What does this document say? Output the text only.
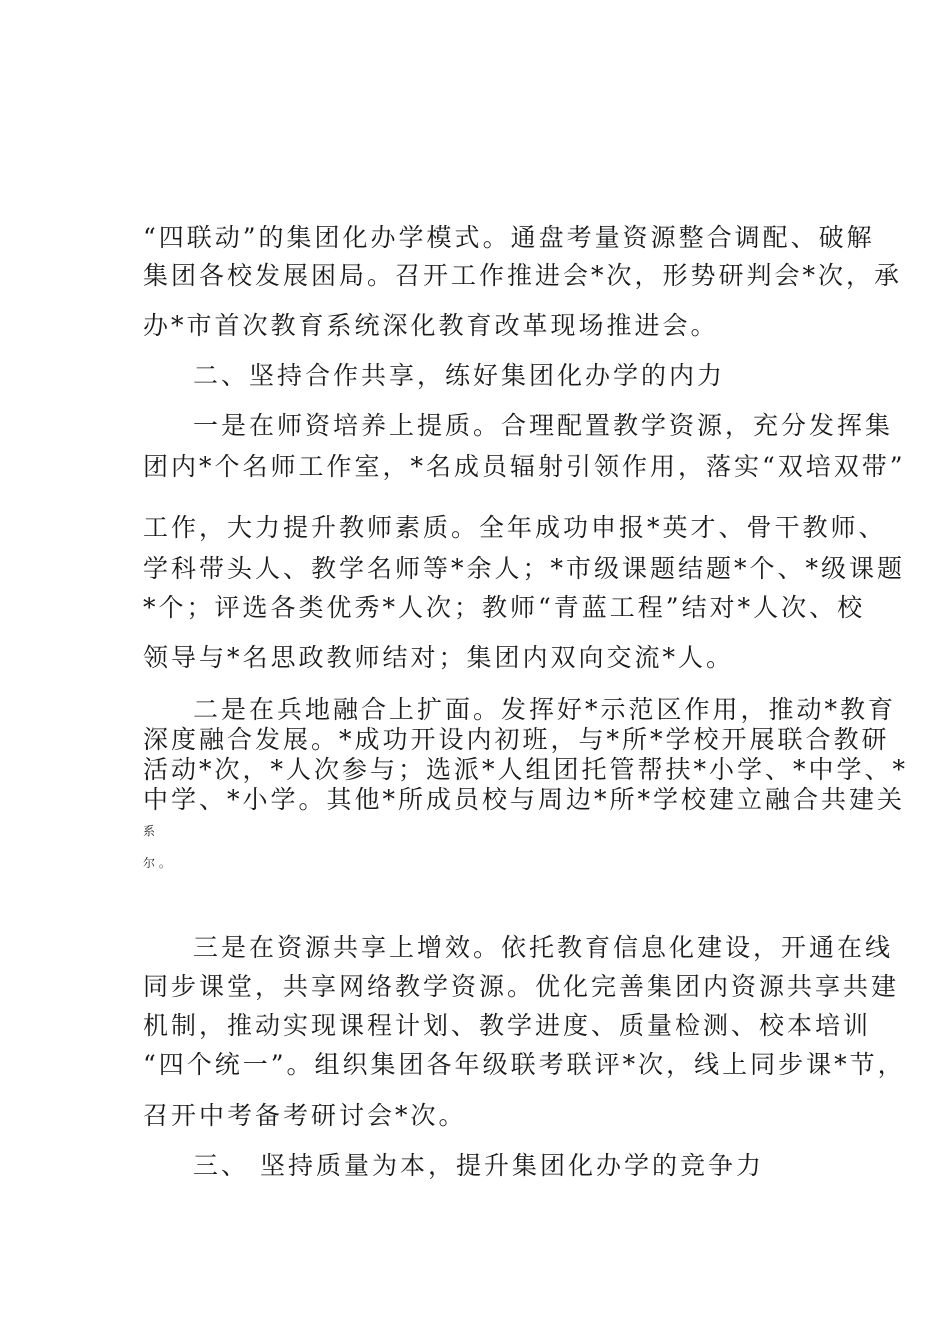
“四联动”的集团化办学模式。通盘考量资源整合调配、破解
集团各校发展困局。召开工作推进会*次，形势研判会*次，承
办*市首次教育系统深化教育改革现场推进会。
二、坚持合作共享，练好集团化办学的内力
一是在师资培养上提质。合理配置教学资源，充分发挥集
团内*个名师工作室，*名成员辐射引领作用，落实“双培双带”
工作，大力提升教师素质。全年成功申报*英才、骨干教师、
学科带头人、教学名师等*余人；*市级课题结题*个、*级课题
*个；评选各类优秀*人次；教师“青蓝工程”结对*人次、校
领导与*名思政教师结对；集团内双向交流*人。
二是在兵地融合上扩面。发挥好*示范区作用，推动*教育
深度融合发展。*成功开设内初班，与*所*学校开展联合教研
活动*次，*人次参与；选派*人组团托管帮扶*小学、*中学、*
中学、*小学。其他*所成员校与周边*所*学校建立融合共建关
系
尔 。
三是在资源共享上增效。依托教育信息化建设，开通在线
同步课堂，共享网络教学资源。优化完善集团内资源共享共建
机制，推动实现课程计划、教学进度、质量检测、校本培训
“四个统一”。组织集团各年级联考联评*次，线上同步课*节，
召开中考备考研讨会*次。
三、 坚持质量为本，提升集团化办学的竞争力
